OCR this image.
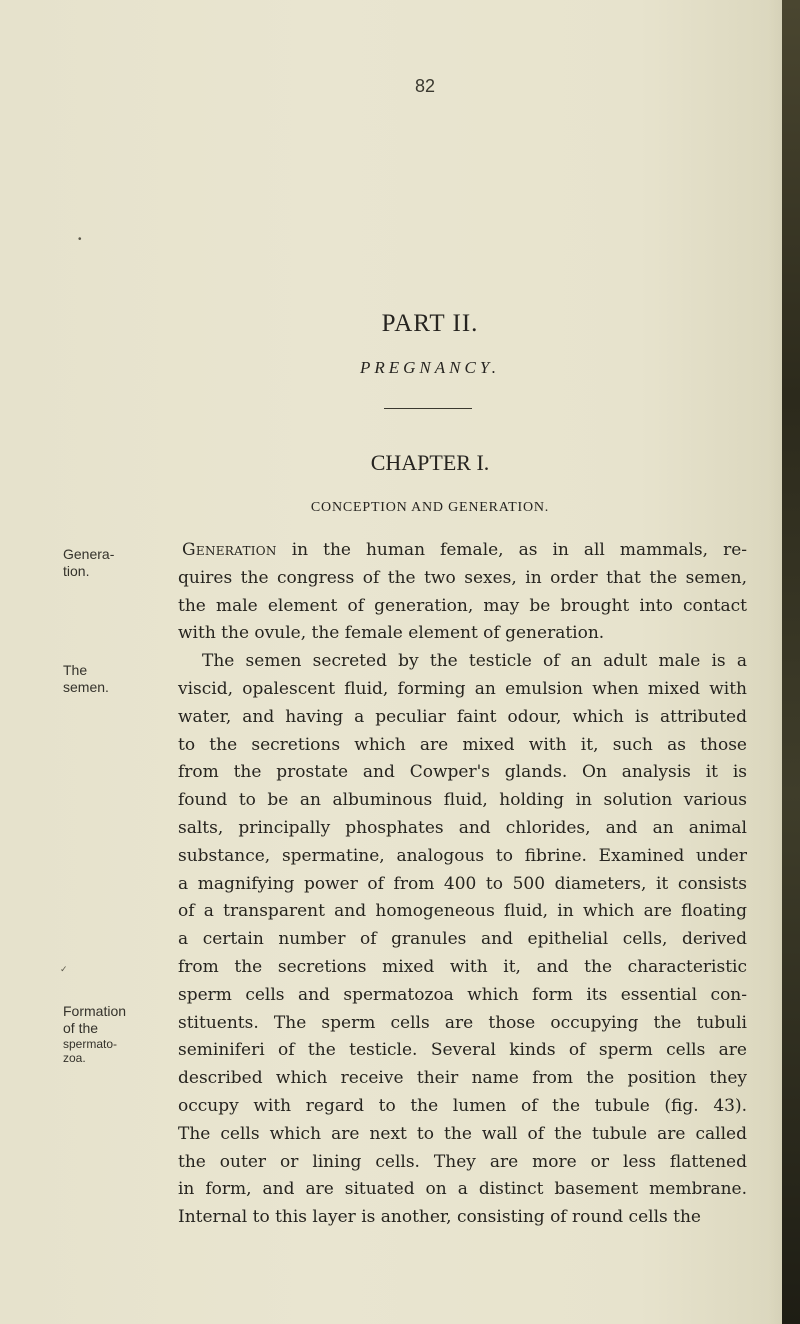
•
✓
82
PART II.
PREGNANCY.
CHAPTER I.
CONCEPTION AND GENERATION.
Genera-
tion.
The
semen.
Formation
of the
spermato-
zoa.
Generation in the human female, as in all mammals, re-
quires the congress of the two sexes, in order that the semen,
the male element of generation, may be brought into contact
with the ovule, the female element of generation.
The semen secreted by the testicle of an adult male is a
viscid, opalescent fluid, forming an emulsion when mixed with
water, and having a peculiar faint odour, which is attributed
to the secretions which are mixed with it, such as those
from the prostate and Cowper's glands. On analysis it is
found to be an albuminous fluid, holding in solution various
salts, principally phosphates and chlorides, and an animal
substance, spermatine, analogous to fibrine. Examined under
a magnifying power of from 400 to 500 diameters, it consists
of a transparent and homogeneous fluid, in which are floating
a certain number of granules and epithelial cells, derived
from the secretions mixed with it, and the characteristic
sperm cells and spermatozoa which form its essential con-
stituents. The sperm cells are those occupying the tubuli
seminiferi of the testicle. Several kinds of sperm cells are
described which receive their name from the position they
occupy with regard to the lumen of the tubule (fig. 43).
The cells which are next to the wall of the tubule are called
the outer or lining cells. They are more or less flattened
in form, and are situated on a distinct basement membrane.
Internal to this layer is another, consisting of round cells the
